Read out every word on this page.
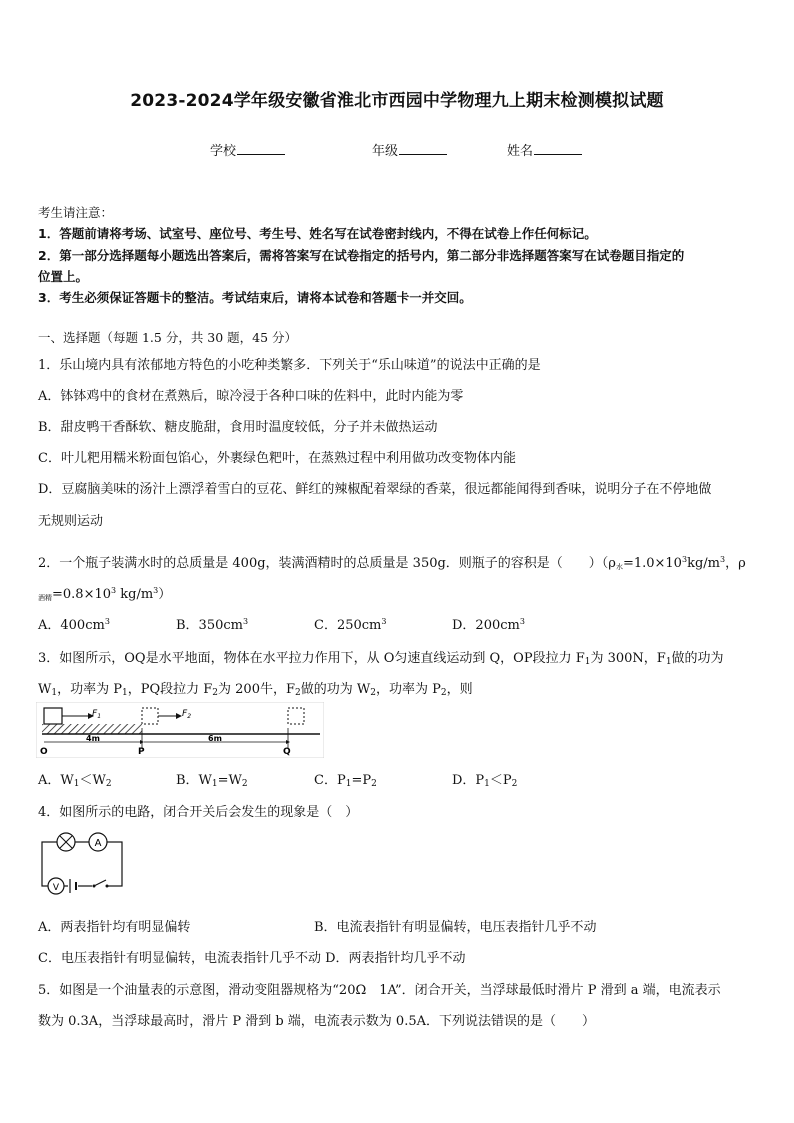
2023-2024学年级安徽省淮北市西园中学物理九上期末检测模拟试题
学校	年级	姓名
考生请注意：
1．答题前请将考场、试室号、座位号、考生号、姓名写在试卷密封线内，不得在试卷上作任何标记。
2．第一部分选择题每小题选出答案后，需将答案写在试卷指定的括号内，第二部分非选择题答案写在试卷题目指定的
位置上。
3．考生必须保证答题卡的整洁。考试结束后，请将本试卷和答题卡一并交回。
一、选择题（每题 1.5 分，共 30 题，45 分）
1．乐山境内具有浓郁地方特色的小吃种类繁多．下列关于“乐山味道”的说法中正确的是
A．钵钵鸡中的食材在煮熟后，晾冷浸于各种口味的佐料中，此时内能为零
B．甜皮鸭干香酥软、糖皮脆甜，食用时温度较低，分子并未做热运动
C．叶儿粑用糯米粉面包馅心，外裹绿色粑叶，在蒸熟过程中利用做功改变物体内能
D．豆腐脑美味的汤汁上漂浮着雪白的豆花、鲜红的辣椒配着翠绿的香菜，很远都能闻得到香味，说明分子在不停地做
无规则运动
2．一个瓶子装满水时的总质量是 400g，装满酒精时的总质量是 350g．则瓶子的容积是（　　）（$\rho_水=1.0\times 10^3kg/m^3$，ρ
$_{酒精}=0.8\times 10^3$ $kg/m^3$）
A．$400cm^3$	B．$350cm^3$	C．$250cm^3$	D．$200cm^3$
3．如图所示，OQ是水平地面，物体在水平拉力作用下，从 O匀速直线运动到 Q，OP段拉力 $F_1$为 300N，$F_1$做的功为
$W_1$，功率为 $P_1$，PQ段拉力 $F_2$为 200牛，$F_2$做的功为 $W_2$，功率为 $P_2$，则
$F_1$	$F_2$
4m	6m
O	P	Q
A．$W_1<W_2$	B．$W_1=W_2$	C．$P_1=P_2$	D．$P_1<P_2$
4．如图所示的电路，闭合开关后会发生的现象是（　）
A
V
A．两表指针均有明显偏转	B．电流表指针有明显偏转，电压表指针几乎不动
C．电压表指针有明显偏转，电流表指针几乎不动 D．两表指针均几乎不动
5．如图是一个油量表的示意图，滑动变阻器规格为“20Ω　1A”．闭合开关，当浮球最低时滑片 P 滑到 a 端，电流表示
数为 0.3A，当浮球最高时，滑片 P 滑到 b 端，电流表示数为 0.5A．下列说法错误的是（　　）
